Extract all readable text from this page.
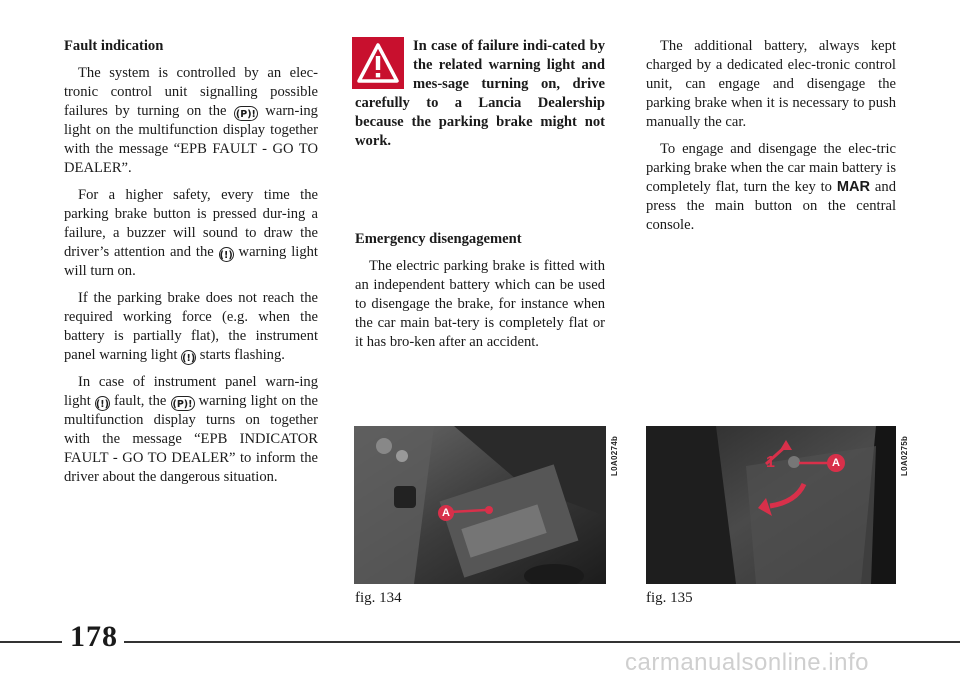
Fault indication

The system is controlled by an elec-tronic control unit signalling possible failures by turning on the (P)! warn-ing light on the multifunction display together with the message “EPB FAULT - GO TO DEALER”.

For a higher safety, every time the parking brake button is pressed dur-ing a failure, a buzzer will sound to draw the driver’s attention and the (!) warning light will turn on.

If the parking brake does not reach the required working force (e.g. when the battery is partially flat), the instrument panel warning light (!) starts flashing.

In case of instrument panel warn-ing light (!) fault, the (P)! warning light on the multifunction display turns on together with the message “EPB INDICATOR FAULT - GO TO DEALER” to inform the driver about the dangerous situation.

In case of failure indi-cated by the related warning light and mes-sage turning on, drive carefully to a Lancia Dealership because the parking brake might not work.

Emergency disengagement

The electric parking brake is fitted with an independent battery which can be used to disengage the brake, for instance when the car main bat-tery is completely flat or it has bro-ken after an accident.

The additional battery, always kept charged by a dedicated elec-tronic control unit, can engage and disengage the parking brake when it is necessary to push manually the car.

To engage and disengage the elec-tric parking brake when the car main battery is completely flat, turn the key to MAR and press the main button on the central console.

A
L0A0274b
fig. 134
A
1	L0A0275b
fig. 135
178
carmanualsonline.info
